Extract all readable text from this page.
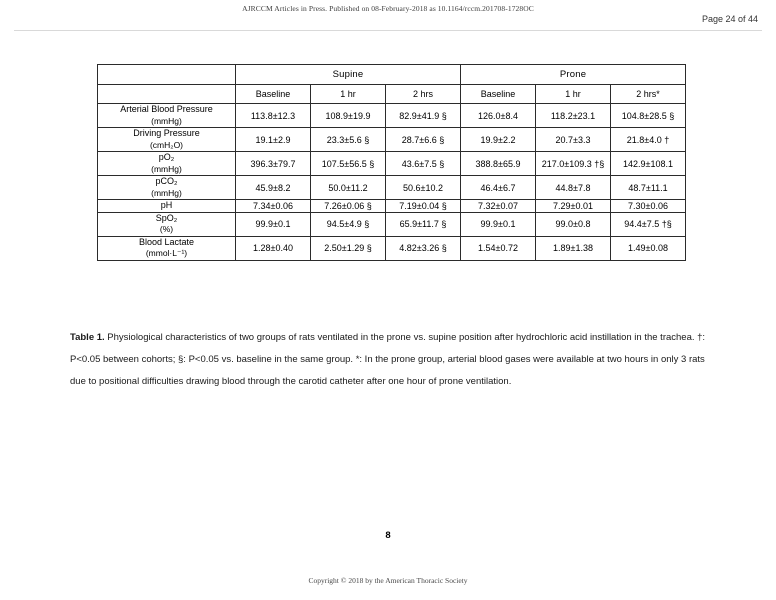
AJRCCM Articles in Press. Published on 08-February-2018 as 10.1164/rccm.201708-1728OC
Page 24 of 44
	Supine			Prone		
	Baseline	1 hr	2 hrs	Baseline	1 hr	2 hrs*
Arterial Blood Pressure
(mmHg)	113.8±12.3	108.9±19.9	82.9±41.9 §	126.0±8.4	118.2±23.1	104.8±28.5 §
Driving Pressure
(cmH₂O)	19.1±2.9	23.3±5.6 §	28.7±6.6 §	19.9±2.2	20.7±3.3	21.8±4.0 †
pO₂
(mmHg)	396.3±79.7	107.5±56.5 §	43.6±7.5 §	388.8±65.9	217.0±109.3 †§	142.9±108.1
pCO₂
(mmHg)	45.9±8.2	50.0±11.2	50.6±10.2	46.4±6.7	44.8±7.8	48.7±11.1
pH	7.34±0.06	7.26±0.06 §	7.19±0.04 §	7.32±0.07	7.29±0.01	7.30±0.06
SpO₂
(%)	99.9±0.1	94.5±4.9 §	65.9±11.7 §	99.9±0.1	99.0±0.8	94.4±7.5 †§
Blood Lactate
(mmol·L⁻¹)	1.28±0.40	2.50±1.29 §	4.82±3.26 §	1.54±0.72	1.89±1.38	1.49±0.08
Table 1. Physiological characteristics of two groups of rats ventilated in the prone vs. supine position after hydrochloric acid instillation in the trachea. †: P<0.05 between cohorts; §: P<0.05 vs. baseline in the same group. *: In the prone group, arterial blood gases were available at two hours in only 3 rats due to positional difficulties drawing blood through the carotid catheter after one hour of prone ventilation.
8
Copyright © 2018 by the American Thoracic Society
